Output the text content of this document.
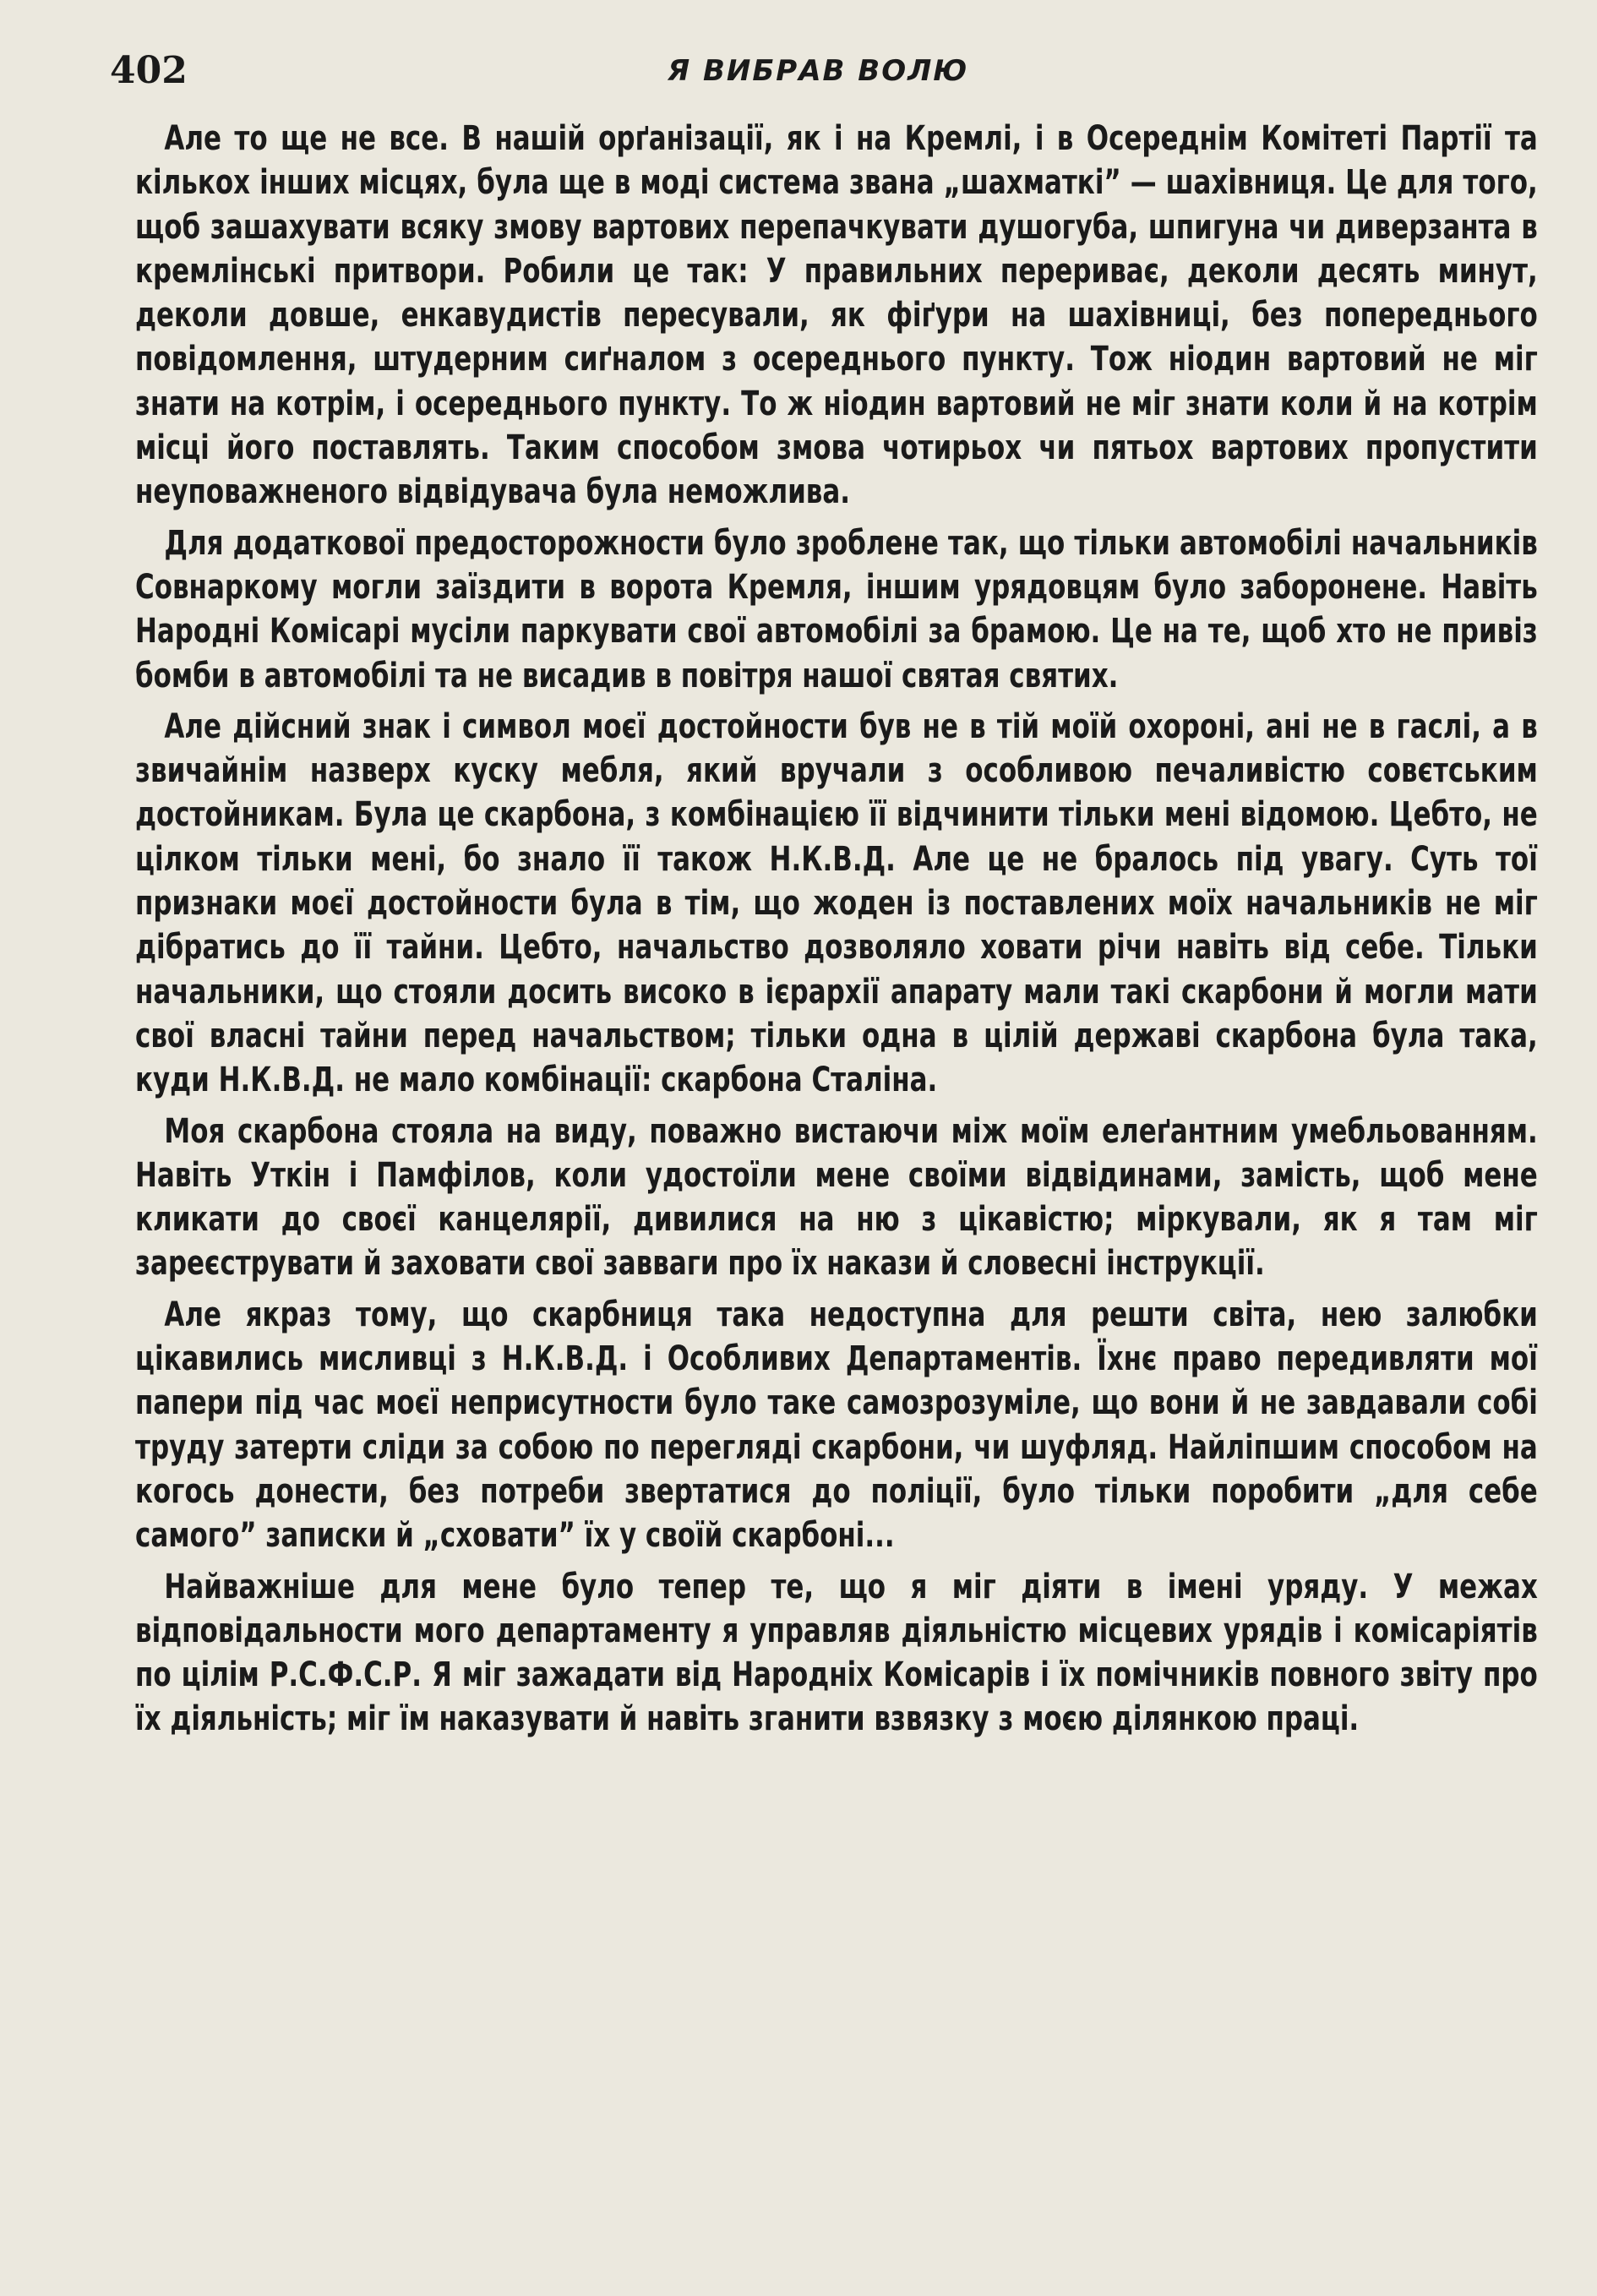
402	Я ВИБРАВ ВОЛЮ

Але то ще не все. В нашій орґанізації, як і на Кремлі, і в Осереднім Комітеті Партії та кількох інших місцях, була ще в моді система звана „шахматкі” — шахівниця. Це для того, щоб зашахувати всяку змову вартових перепачкувати душогуба, шпигуна чи диверзанта в кремлінські притвори. Робили це так: У правильних перериває, деколи десять минут, деколи довше, енкавудистів пересували, як фіґури на шахівниці, без попереднього повідомлення, штудерним сиґналом з осереднього пункту. Тож ніодин вартовий не міг знати на котрім, і осереднього пункту. То ж ніодин вартовий не міг знати коли й на котрім місці його поставлять. Таким способом змова чотирьох чи пятьох вартових пропустити неуповажненого відвідувача була неможлива.

Для додаткової предосторожности було зроблене так, що тільки автомобілі начальників Совнаркому могли заїздити в ворота Кремля, іншим урядовцям було заборонене. Навіть Народні Комісарі мусіли паркувати свої автомобілі за брамою. Це на те, щоб хто не привіз бомби в автомобілі та не висадив в повітря нашої святая святих.

Але дійсний знак і символ моєї достойности був не в тій моїй охороні, ані не в гаслі, а в звичайнім назверх куску мебля, який вручали з особливою печаливістю совєтським достойникам. Була це скарбона, з комбінацією її відчинити тільки мені відомою. Цебто, не цілком тільки мені, бо знало її також Н.К.В.Д. Але це не бралось під увагу. Суть тої признаки моєї достойности була в тім, що жоден із поставлених моїх начальників не міг дібратись до її тайни. Цебто, начальство дозволяло ховати річи навіть від себе. Тільки начальники, що стояли досить високо в ієрархії апарату мали такі скарбони й могли мати свої власні тайни перед начальством; тільки одна в цілій державі скарбона була така, куди Н.К.В.Д. не мало комбінації: скарбона Сталіна.

Моя скарбона стояла на виду, поважно вистаючи між моїм елеґантним умебльованням. Навіть Уткін і Памфілов, коли удостоїли мене своїми відвідинами, замість, щоб мене кликати до своєї канцелярії, дивилися на ню з цікавістю; міркували, як я там міг зареєструвати й заховати свої завваги про їх накази й словесні інструкції.

Але якраз тому, що скарбниця така недоступна для решти світа, нею залюбки цікавились мисливці з Н.К.В.Д. і Особливих Департаментів. Їхнє право передивляти мої папери під час моєї неприсутности було таке самозрозуміле, що вони й не завдавали собі труду затерти сліди за собою по перегляді скарбони, чи шуфляд. Найліпшим способом на когось донести, без потреби звертатися до поліції, було тільки поробити „для себе самого” записки й „сховати” їх у своїй скарбоні...

Найважніше для мене було тепер те, що я міг діяти в імені уряду. У межах відповідальности мого департаменту я управляв діяльністю місцевих урядів і комісаріятів по цілім Р.С.Ф.С.Р. Я міг зажадати від Народніх Комісарів і їх помічників повного звіту про їх діяльність; міг їм наказувати й навіть зганити взвязку з моєю ділянкою праці.
